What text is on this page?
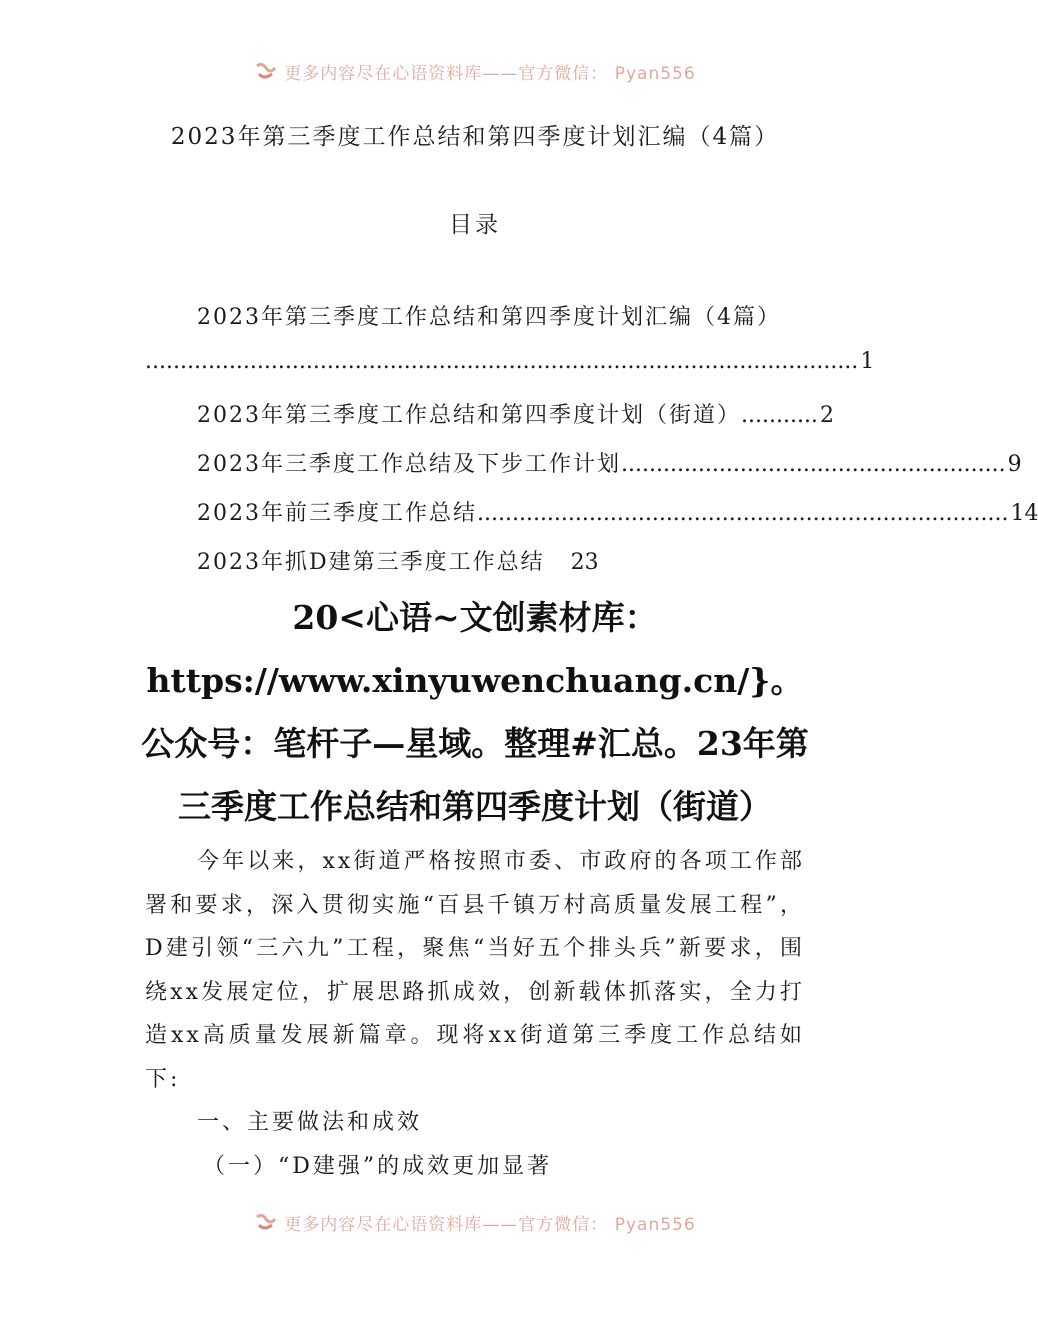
更多内容尽在心语资料库——官方微信： Pyan556
2023年第三季度工作总结和第四季度计划汇编（4篇）
目录
2023年第三季度工作总结和第四季度计划汇编（4篇）
...................................................................................................... 1
2023年第三季度工作总结和第四季度计划（街道） ........... 2
2023年三季度工作总结及下步工作计划 ....................................................... 9
2023年前三季度工作总结 ............................................................................ 14
2023年抓D建第三季度工作总结	23
20<心语~文创素材库：https://www.xinyuwenchuang.cn/}。公众号：笔杆子—星域。整理#汇总。23年第三季度工作总结和第四季度计划（街道）

今年以来，xx街道严格按照市委、市政府的各项工作部署和要求，深入贯彻实施“百县千镇万村高质量发展工程”，D建引领“三六九”工程，聚焦“当好五个排头兵”新要求，围绕xx发展定位，扩展思路抓成效，创新载体抓落实，全力打造xx高质量发展新篇章。现将xx街道第三季度工作总结如下:

一、主要做法和成效

（一）“D建强”的成效更加显著

更多内容尽在心语资料库——官方微信： Pyan556
